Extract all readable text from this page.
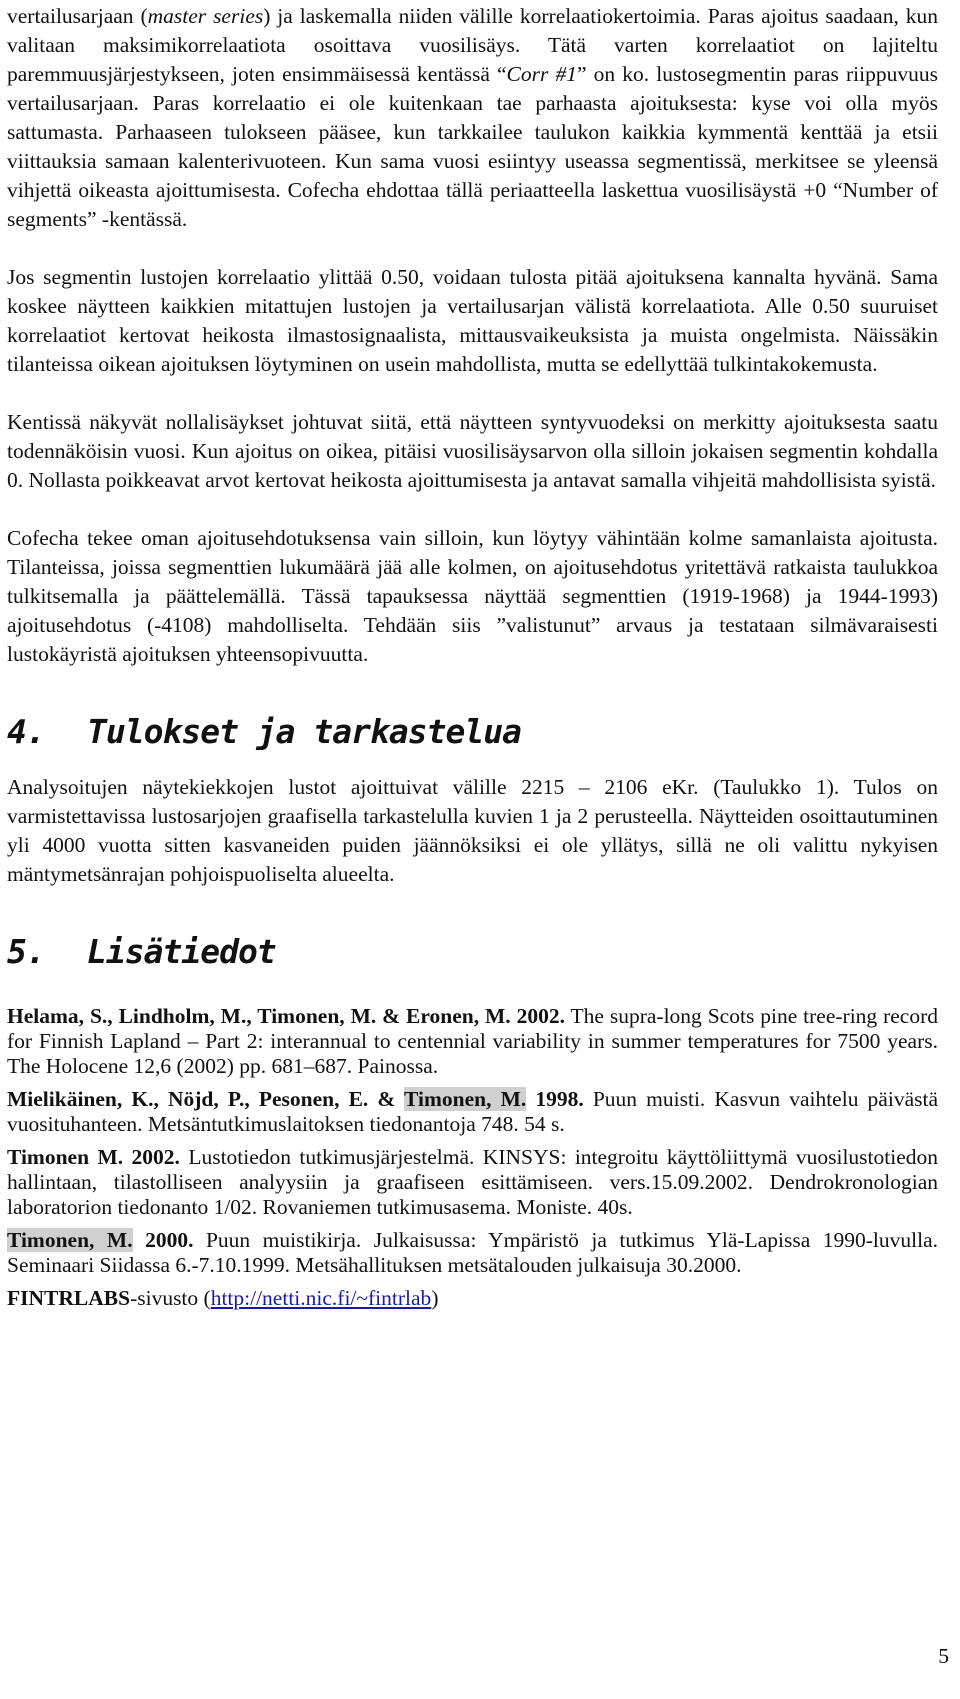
vertailusarjaan (master series) ja laskemalla niiden välille korrelaatiokertoimia. Paras ajoitus saadaan, kun valitaan maksimikorrelaatiota osoittava vuosilisäys. Tätä varten korrelaatiot on lajiteltu paremmuusjärjestykseen, joten ensimmäisessä kentässä “Corr #1” on ko. lustosegmentin paras riippuvuus vertailusarjaan. Paras korrelaatio ei ole kuitenkaan tae parhaasta ajoituksesta: kyse voi olla myös sattumasta. Parhaaseen tulokseen pääsee, kun tarkkailee taulukon kaikkia kymmentä kenttää ja etsii viittauksia samaan kalenterivuoteen. Kun sama vuosi esiintyy useassa segmentissä, merkitsee se yleensä vihjettä oikeasta ajoittumisesta. Cofecha ehdottaa tällä periaatteella laskettua vuosilisäystä +0 “Number of segments” -kentässä.

Jos segmentin lustojen korrelaatio ylittää 0.50, voidaan tulosta pitää ajoituksena kannalta hyvänä. Sama koskee näytteen kaikkien mitattujen lustojen ja vertailusarjan välistä korrelaatiota. Alle 0.50 suuruiset korrelaatiot kertovat heikosta ilmastosignaalista, mittausvaikeuksista ja muista ongelmista. Näissäkin tilanteissa oikean ajoituksen löytyminen on usein mahdollista, mutta se edellyttää tulkintakokemusta.

Kentissä näkyvät nollalisäykset johtuvat siitä, että näytteen syntyvuodeksi on merkitty ajoituksesta saatu todennäköisin vuosi. Kun ajoitus on oikea, pitäisi vuosilisäysarvon olla silloin jokaisen segmentin kohdalla 0. Nollasta poikkeavat arvot kertovat heikosta ajoittumisesta ja antavat samalla vihjeitä mahdollisista syistä.

Cofecha tekee oman ajoitusehdotuksensa vain silloin, kun löytyy vähintään kolme samanlaista ajoitusta. Tilanteissa, joissa segmenttien lukumäärä jää alle kolmen, on ajoitusehdotus yritettävä ratkaista taulukkoa tulkitsemalla ja päättelemällä. Tässä tapauksessa näyttää segmenttien (1919-1968) ja 1944-1993) ajoitusehdotus (-4108) mahdolliselta. Tehdään siis ”valistunut” arvaus ja testataan silmävaraisesti lustokäyristä ajoituksen yhteensopivuutta.

4. Tulokset ja tarkastelua

Analysoitujen näytekiekkojen lustot ajoittuivat välille 2215 – 2106 eKr. (Taulukko 1). Tulos on varmistettavissa lustosarjojen graafisella tarkastelulla kuvien 1 ja 2 perusteella. Näytteiden osoittautuminen yli 4000 vuotta sitten kasvaneiden puiden jäännöksiksi ei ole yllätys, sillä ne oli valittu nykyisen mäntymetsänrajan pohjoispuoliselta alueelta.

5. Lisätiedot

Helama, S., Lindholm, M., Timonen, M. & Eronen, M. 2002. The supra-long Scots pine tree-ring record for Finnish Lapland – Part 2: interannual to centennial variability in summer temperatures for 7500 years. The Holocene 12,6 (2002) pp. 681–687. Painossa.

Mielikäinen, K., Nöjd, P., Pesonen, E. & Timonen, M. 1998. Puun muisti. Kasvun vaihtelu päivästä vuosituhanteen. Metsäntutkimuslaitoksen tiedonantoja 748. 54 s.

Timonen M. 2002. Lustotiedon tutkimusjärjestelmä. KINSYS: integroitu käyttöliittymä vuosilustotiedon hallintaan, tilastolliseen analyysiin ja graafiseen esittämiseen. vers.15.09.2002. Dendrokronologian laboratorion tiedonanto 1/02. Rovaniemen tutkimusasema. Moniste. 40s.

Timonen, M. 2000. Puun muistikirja. Julkaisussa: Ympäristö ja tutkimus Ylä-Lapissa 1990-luvulla. Seminaari Siidassa 6.-7.10.1999. Metsähallituksen metsätalouden julkaisuja 30.2000.

FINTRLABS-sivusto (http://netti.nic.fi/~fintrlab)

5
